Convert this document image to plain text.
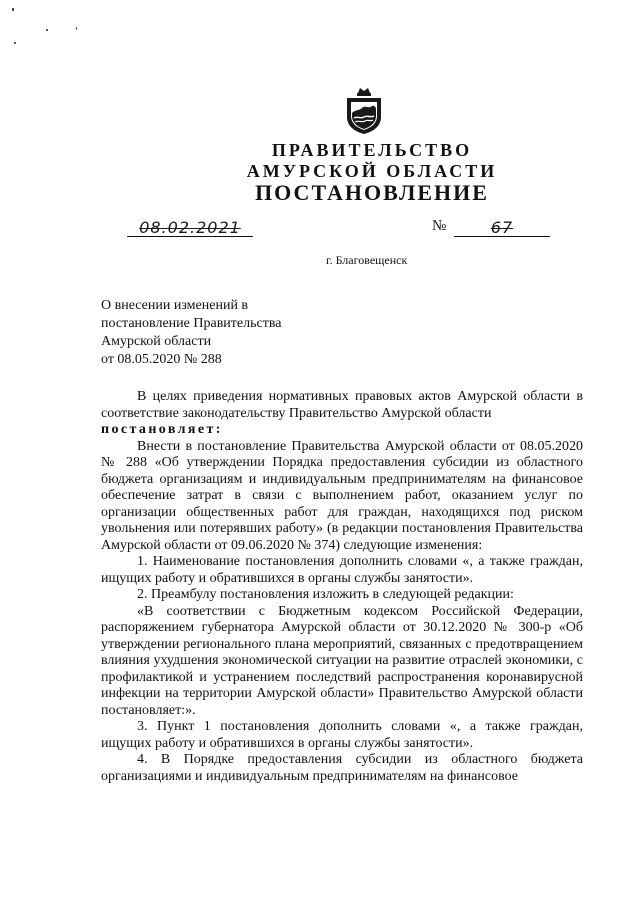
ПРАВИТЕЛЬСТВО
АМУРСКОЙ ОБЛАСТИ
ПОСТАНОВЛЕНИЕ
08.02.2021	№	67
г. Благовещенск
О внесении изменений в
постановление Правительства
Амурской области
от 08.05.2020 № 288

В целях приведения нормативных правовых актов Амурской области в соответствие законодательству Правительство Амурской области

постановляет:

Внести в постановление Правительства Амурской области от 08.05.2020 № 288 «Об утверждении Порядка предоставления субсидии из областного бюджета организациям и индивидуальным предпринимателям на финансовое обеспечение затрат в связи с выполнением работ, оказанием услуг по организации общественных работ для граждан, находящихся под риском увольнения или потерявших работу» (в редакции постановления Правительства Амурской области от 09.06.2020 № 374) следующие изменения:

1. Наименование постановления дополнить словами «, а также граждан, ищущих работу и обратившихся в органы службы занятости».

2. Преамбулу постановления изложить в следующей редакции:

«В соответствии с Бюджетным кодексом Российской Федерации, распоряжением губернатора Амурской области от 30.12.2020 № 300-р «Об утверждении регионального плана мероприятий, связанных с предотвращением влияния ухудшения экономической ситуации на развитие отраслей экономики, с профилактикой и устранением последствий распространения коронавирусной инфекции на территории Амурской области» Правительство Амурской области постановляет:».

3. Пункт 1 постановления дополнить словами «, а также граждан, ищущих работу и обратившихся в органы службы занятости».

4. В Порядке предоставления субсидии из областного бюджета организациями и индивидуальным предпринимателям на финансовое
